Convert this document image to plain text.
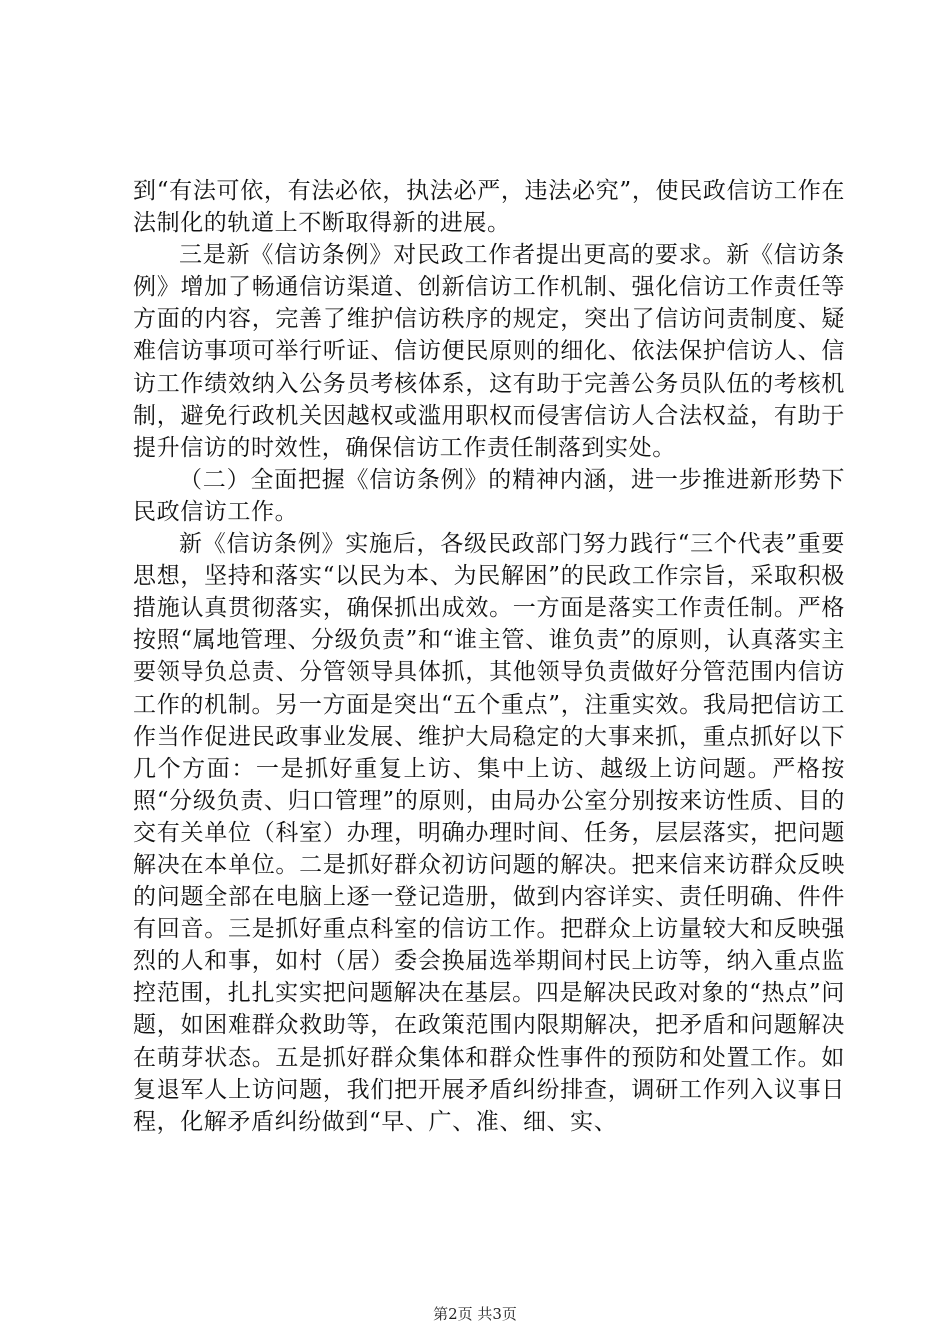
到“有法可依，有法必依，执法必严，违法必究”，使民政信访工作在法制化的轨道上不断取得新的进展。

三是新《信访条例》对民政工作者提出更高的要求。新《信访条例》增加了畅通信访渠道、创新信访工作机制、强化信访工作责任等方面的内容，完善了维护信访秩序的规定，突出了信访问责制度、疑难信访事项可举行听证、信访便民原则的细化、依法保护信访人、信访工作绩效纳入公务员考核体系，这有助于完善公务员队伍的考核机制，避免行政机关因越权或滥用职权而侵害信访人合法权益，有助于提升信访的时效性，确保信访工作责任制落到实处。

（二）全面把握《信访条例》的精神内涵，进一步推进新形势下民政信访工作。

新《信访条例》实施后，各级民政部门努力践行“三个代表”重要思想，坚持和落实“以民为本、为民解困”的民政工作宗旨，采取积极措施认真贯彻落实，确保抓出成效。一方面是落实工作责任制。严格按照“属地管理、分级负责”和“谁主管、谁负责”的原则，认真落实主要领导负总责、分管领导具体抓，其他领导负责做好分管范围内信访工作的机制。另一方面是突出“五个重点”，注重实效。我局把信访工作当作促进民政事业发展、维护大局稳定的大事来抓，重点抓好以下几个方面：一是抓好重复上访、集中上访、越级上访问题。严格按照“分级负责、归口管理”的原则，由局办公室分别按来访性质、目的交有关单位（科室）办理，明确办理时间、任务，层层落实，把问题解决在本单位。二是抓好群众初访问题的解决。把来信来访群众反映的问题全部在电脑上逐一登记造册，做到内容详实、责任明确、件件有回音。三是抓好重点科室的信访工作。把群众上访量较大和反映强烈的人和事，如村（居）委会换届选举期间村民上访等，纳入重点监控范围，扎扎实实把问题解决在基层。四是解决民政对象的“热点”问题，如困难群众救助等，在政策范围内限期解决，把矛盾和问题解决在萌芽状态。五是抓好群众集体和群众性事件的预防和处置工作。如复退军人上访问题，我们把开展矛盾纠纷排查，调研工作列入议事日程，化解矛盾纠纷做到“早、广、准、细、实、

第2页 共3页
